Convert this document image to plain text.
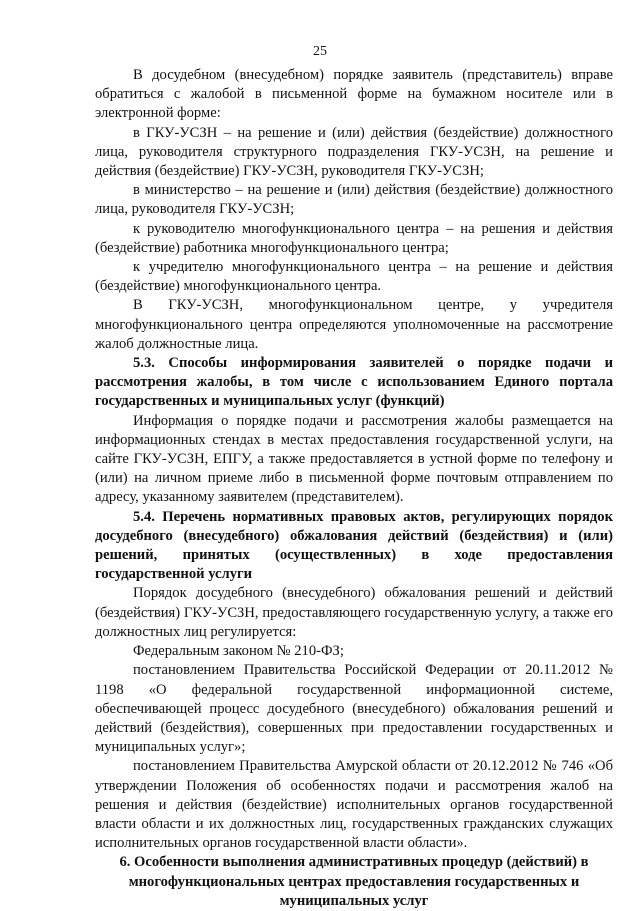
25

В досудебном (внесудебном) порядке заявитель (представитель) вправе обратиться с жалобой в письменной форме на бумажном носителе или в электронной форме:

в ГКУ-УСЗН – на решение и (или) действия (бездействие) должностного лица, руководителя структурного подразделения ГКУ-УСЗН, на решение и действия (бездействие) ГКУ-УСЗН, руководителя ГКУ-УСЗН;

в министерство – на решение и (или) действия (бездействие) должностного лица, руководителя ГКУ-УСЗН;

к руководителю многофункционального центра – на решения и действия (бездействие) работника многофункционального центра;

к учредителю многофункционального центра – на решение и действия (бездействие) многофункционального центра.

В ГКУ-УСЗН, многофункциональном центре, у учредителя многофункционального центра определяются уполномоченные на рассмотрение жалоб должностные лица.

5.3. Способы информирования заявителей о порядке подачи и рассмотрения жалобы, в том числе с использованием Единого портала государственных и муниципальных услуг (функций)

Информация о порядке подачи и рассмотрения жалобы размещается на информационных стендах в местах предоставления государственной услуги, на сайте ГКУ-УСЗН, ЕПГУ, а также предоставляется в устной форме по телефону и (или) на личном приеме либо в письменной форме почтовым отправлением по адресу, указанному заявителем (представителем).

5.4. Перечень нормативных правовых актов, регулирующих порядок досудебного (внесудебного) обжалования действий (бездействия) и (или) решений, принятых (осуществленных) в ходе предоставления государственной услуги

Порядок досудебного (внесудебного) обжалования решений и действий (бездействия) ГКУ-УСЗН, предоставляющего государственную услугу, а также его должностных лиц регулируется:

Федеральным законом № 210-ФЗ;

постановлением Правительства Российской Федерации от 20.11.2012 № 1198 «О федеральной государственной информационной системе, обеспечивающей процесс досудебного (внесудебного) обжалования решений и действий (бездействия), совершенных при предоставлении государственных и муниципальных услуг»;

постановлением Правительства Амурской области от 20.12.2012 № 746 «Об утверждении Положения об особенностях подачи и рассмотрения жалоб на решения и действия (бездействие) исполнительных органов государственной власти области и их должностных лиц, государственных гражданских служащих исполнительных органов государственной власти области».

6. Особенности выполнения административных процедур (действий) в многофункциональных центрах предоставления государственных и муниципальных услуг
